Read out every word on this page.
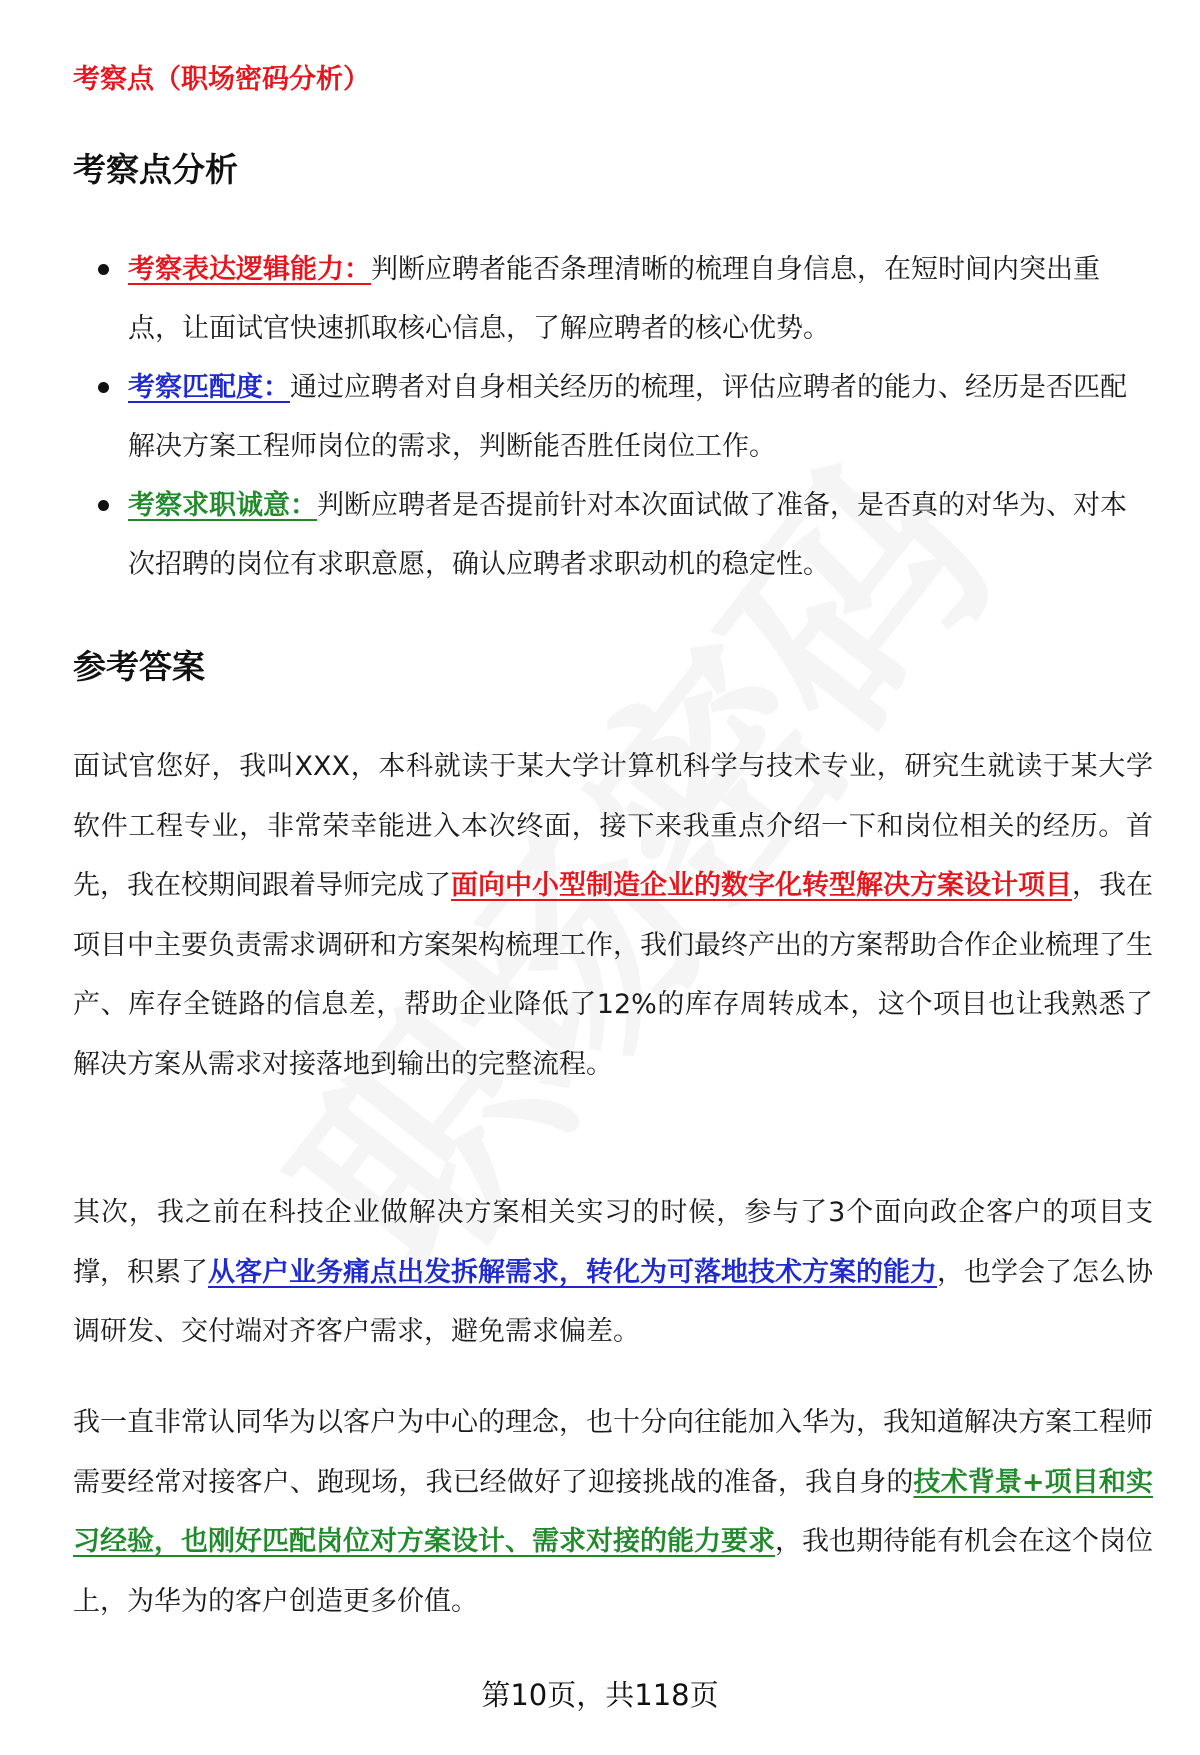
考察点（职场密码分析）
考察点分析
考察表达逻辑能力：判断应聘者能否条理清晰的梳理自身信息，在短时间内突出重点，让面试官快速抓取核心信息，了解应聘者的核心优势。
考察匹配度：通过应聘者对自身相关经历的梳理，评估应聘者的能力、经历是否匹配解决方案工程师岗位的需求，判断能否胜任岗位工作。
考察求职诚意：判断应聘者是否提前针对本次面试做了准备，是否真的对华为、对本次招聘的岗位有求职意愿，确认应聘者求职动机的稳定性。
参考答案

面试官您好，我叫XXX，本科就读于某大学计算机科学与技术专业，研究生就读于某大学软件工程专业，非常荣幸能进入本次终面，接下来我重点介绍一下和岗位相关的经历。首先，我在校期间跟着导师完成了面向中小型制造企业的数字化转型解决方案设计项目，我在项目中主要负责需求调研和方案架构梳理工作，我们最终产出的方案帮助合作企业梳理了生产、库存全链路的信息差，帮助企业降低了12%的库存周转成本，这个项目也让我熟悉了解决方案从需求对接落地到输出的完整流程。

其次，我之前在科技企业做解决方案相关实习的时候，参与了3个面向政企客户的项目支撑，积累了从客户业务痛点出发拆解需求，转化为可落地技术方案的能力，也学会了怎么协调研发、交付端对齐客户需求，避免需求偏差。

我一直非常认同华为以客户为中心的理念，也十分向往能加入华为，我知道解决方案工程师需要经常对接客户、跑现场，我已经做好了迎接挑战的准备，我自身的技术背景+项目和实习经验，也刚好匹配岗位对方案设计、需求对接的能力要求，我也期待能有机会在这个岗位上，为华为的客户创造更多价值。

第10页，共118页
